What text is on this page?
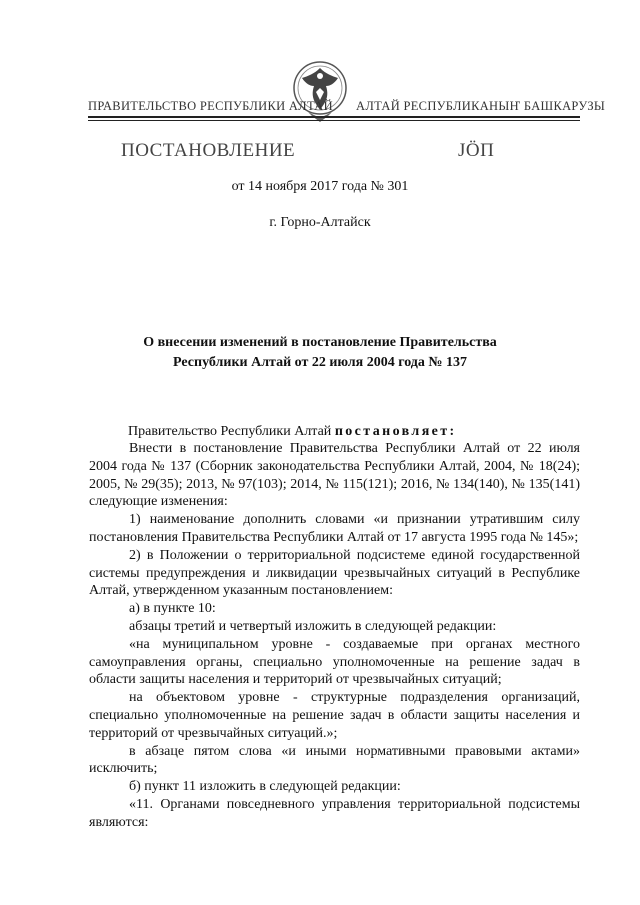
ПРАВИТЕЛЬСТВО РЕСПУБЛИКИ АЛТАЙ АЛТАЙ РЕСПУБЛИКАНЫҤ БАШКАРУЗЫ
ПОСТАНОВЛЕНИЕ	JӦП
от 14 ноября 2017 года № 301
г. Горно-Алтайск
О внесении изменений в постановление Правительства
Республики Алтай от 22 июля 2004 года № 137
Правительство Республики Алтай постановляет:

Внести в постановление Правительства Республики Алтай от 22 июля 2004 года № 137 (Сборник законодательства Республики Алтай, 2004, № 18(24); 2005, № 29(35); 2013, № 97(103); 2014, № 115(121); 2016, № 134(140), № 135(141) следующие изменения:

1) наименование дополнить словами «и признании утратившим силу постановления Правительства Республики Алтай от 17 августа 1995 года № 145»;

2) в Положении о территориальной подсистеме единой государственной системы предупреждения и ликвидации чрезвычайных ситуаций в Республике Алтай, утвержденном указанным постановлением:

а) в пункте 10:

абзацы третий и четвертый изложить в следующей редакции:

«на муниципальном уровне - создаваемые при органах местного самоуправления органы, специально уполномоченные на решение задач в области защиты населения и территорий от чрезвычайных ситуаций;

на объектовом уровне - структурные подразделения организаций, специально уполномоченные на решение задач в области защиты населения и территорий от чрезвычайных ситуаций.»;

в абзаце пятом слова «и иными нормативными правовыми актами» исключить;

б) пункт 11 изложить в следующей редакции:

«11. Органами повседневного управления территориальной подсистемы являются:
